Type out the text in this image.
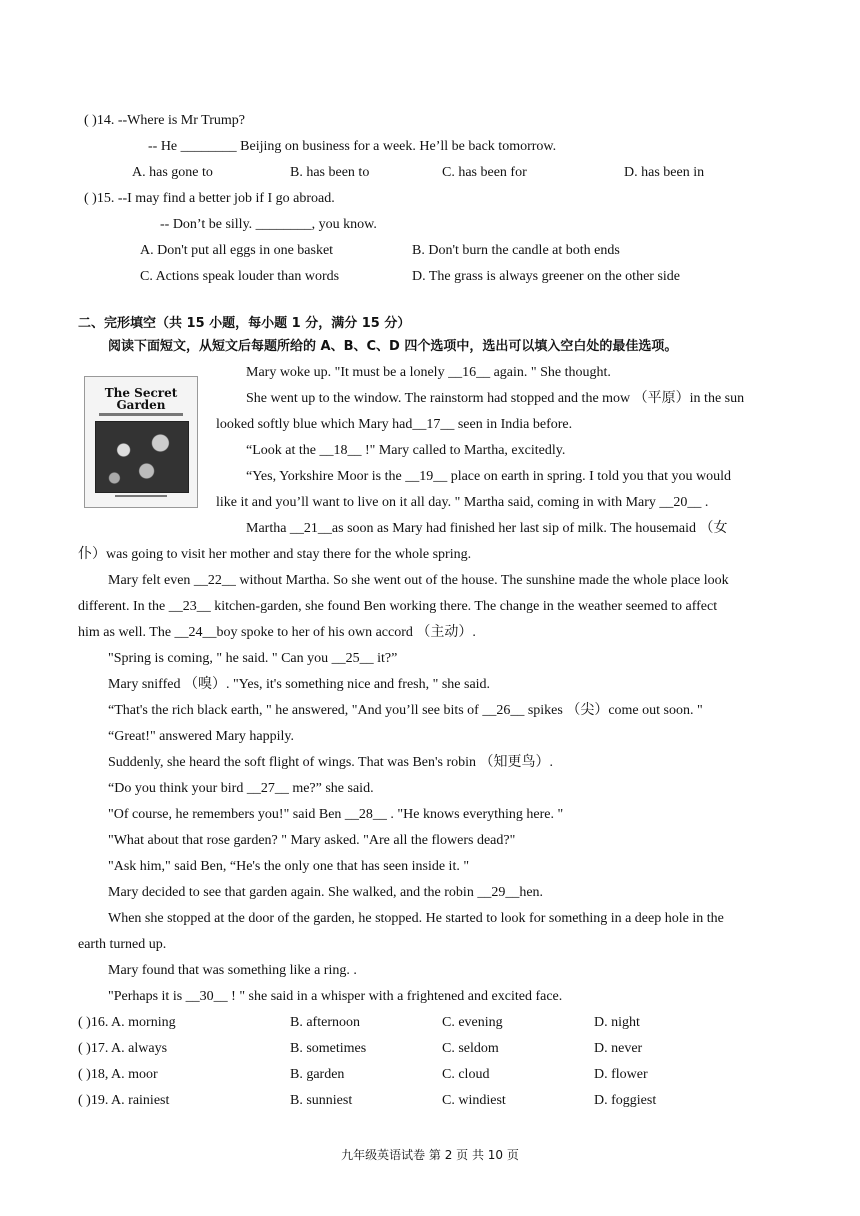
( )14. --Where is Mr Trump?
-- He ________ Beijing on business for a week. He’ll be back tomorrow.
A. has gone to	B. has been to	C. has been for	D. has been in
( )15. --I may find a better job if I go abroad.
-- Don’t be silly. ________, you know.
A. Don't put all eggs in one basket	B. Don't burn the candle at both ends
C. Actions speak louder than words	D. The grass is always greener on the other side
二、完形填空（共 15 小题，每小题 1 分，满分 15 分）
阅读下面短文，从短文后每题所给的 A、B、C、D 四个选项中，选出可以填入空白处的最佳选项。
The Secret Garden
Mary woke up. "It must be a lonely __16__ again. " She thought.
She went up to the window. The rainstorm had stopped and the mow （平原）in the sun
looked softly blue which Mary had__17__ seen in India before.
“Look at the __18__ !" Mary called to Martha, excitedly.
“Yes, Yorkshire Moor is the __19__ place on earth in spring. I told you that you would
like it and you’ll want to live on it all day. " Martha said, coming in with Mary __20__ .
Martha __21__as soon as Mary had finished her last sip of milk. The housemaid （女
仆）was going to visit her mother and stay there for the whole spring.
Mary felt even __22__ without Martha. So she went out of the house. The sunshine made the whole place look
different. In the __23__ kitchen-garden, she found Ben working there. The change in the weather seemed to affect
him as well. The __24__boy spoke to her of his own accord （主动）.
"Spring is coming, " he said. " Can you __25__ it?”
Mary sniffed （嗅）. "Yes, it's something nice and fresh, " she said.
“That's the rich black earth, " he answered, "And you’ll see bits of __26__ spikes （尖）come out soon. "
“Great!" answered Mary happily.
Suddenly, she heard the soft flight of wings. That was Ben's robin （知更鸟）.
“Do you think your bird __27__ me?” she said.
"Of course, he remembers you!" said Ben __28__ . "He knows everything here. "
"What about that rose garden? " Mary asked. "Are all the flowers dead?"
"Ask him," said Ben, “He's the only one that has seen inside it. "
Mary decided to see that garden again. She walked, and the robin __29__hen.
When she stopped at the door of the garden, he stopped. He started to look for something in a deep hole in the
earth turned up.
Mary found that was something like a ring. .
"Perhaps it is __30__ ! " she said in a whisper with a frightened and excited face.
( )16. A. morning	B. afternoon	C. evening	D. night
( )17. A. always	B. sometimes	C. seldom	D. never
( )18, A. moor	B. garden	C. cloud	D. flower
( )19. A. rainiest	B. sunniest	C. windiest	D. foggiest
九年级英语试卷 第 2 页 共 10 页
